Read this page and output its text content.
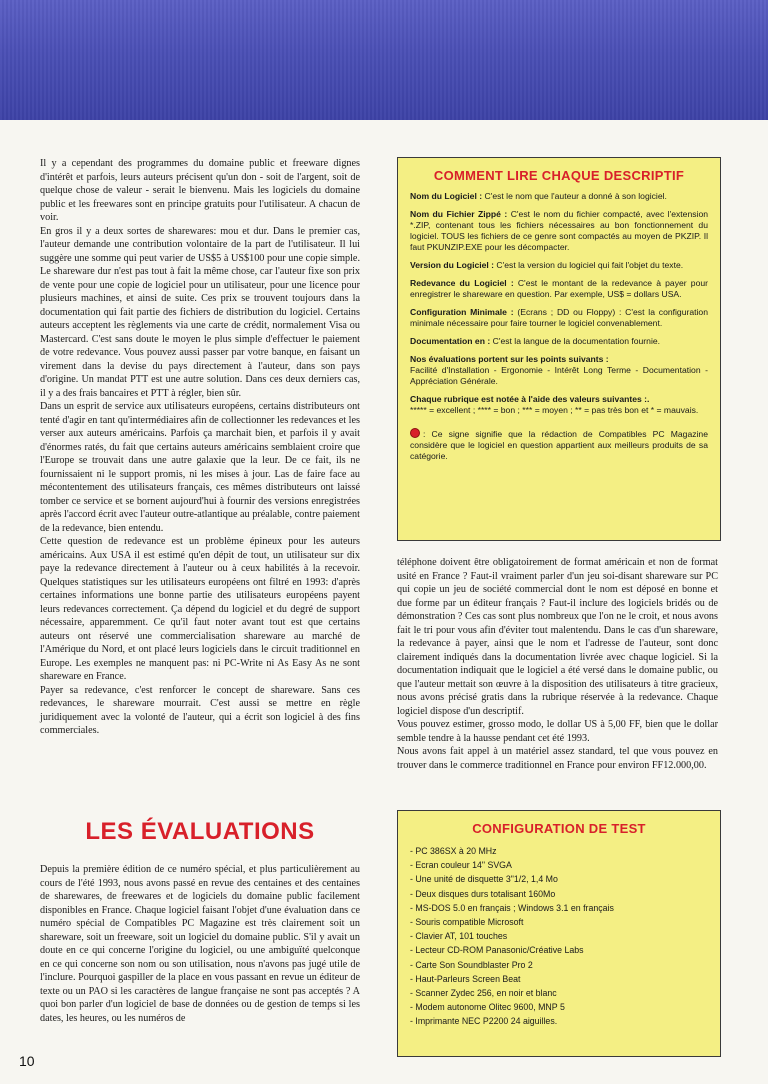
Il y a cependant des programmes du domaine public et freeware dignes d'intérêt et parfois, leurs auteurs précisent qu'un don - soit de l'argent, soit de quelque chose de valeur - serait le bienvenu. Mais les logiciels du domaine public et les freewares sont en principe gratuits pour l'utilisateur. A chacun de voir.

En gros il y a deux sortes de sharewares: mou et dur. Dans le premier cas, l'auteur demande une contribution volontaire de la part de l'utilisateur. Il lui suggère une somme qui peut varier de US$5 à US$100 pour une copie simple. Le shareware dur n'est pas tout à fait la même chose, car l'auteur fixe son prix de vente pour une copie de logiciel pour un utilisateur, pour une licence pour plusieurs machines, et ainsi de suite. Ces prix se trouvent toujours dans la documentation qui fait partie des fichiers de distribution du logiciel. Certains auteurs acceptent les règlements via une carte de crédit, normalement Visa ou Mastercard. C'est sans doute le moyen le plus simple d'effectuer le paiement de votre redevance. Vous pouvez aussi passer par votre banque, en faisant un virement dans la devise du pays directement à l'auteur, dans son pays d'origine. Un mandat PTT est une autre solution. Dans ces deux derniers cas, il y a des frais bancaires et PTT à régler, bien sûr.

Dans un esprit de service aux utilisateurs européens, certains distributeurs ont tenté d'agir en tant qu'intermédiaires afin de collectionner les redevances et les verser aux auteurs américains. Parfois ça marchait bien, et parfois il y avait d'énormes ratés, du fait que certains auteurs américains semblaient croire que l'Europe se trouvait dans une autre galaxie que la leur. De ce fait, ils ne fournissaient ni le support promis, ni les mises à jour. Las de faire face au mécontentement des utilisateurs français, ces mêmes distributeurs ont laissé tomber ce service et se bornent aujourd'hui à fournir des versions enregistrées après l'accord écrit avec l'auteur outre-atlantique au préalable, contre paiement de la redevance, bien entendu.

Cette question de redevance est un problème épineux pour les auteurs américains. Aux USA il est estimé qu'en dépit de tout, un utilisateur sur dix paye la redevance directement à l'auteur ou à ceux habilités à la recevoir. Quelques statistiques sur les utilisateurs européens ont filtré en 1993: d'après certaines informations une bonne partie des utilisateurs européens payent leurs redevances correctement. Ça dépend du logiciel et du degré de support nécessaire, apparemment. Ce qu'il faut noter avant tout est que certains auteurs ont réservé une commercialisation shareware au marché de l'Amérique du Nord, et ont placé leurs logiciels dans le circuit traditionnel en Europe. Les exemples ne manquent pas: ni PC-Write ni As Easy As ne sont shareware en France.

Payer sa redevance, c'est renforcer le concept de shareware. Sans ces redevances, le shareware mourrait. C'est aussi se mettre en règle juridiquement avec la volonté de l'auteur, qui a écrit son logiciel à des fins commerciales.

LES ÉVALUATIONS

Depuis la première édition de ce numéro spécial, et plus particulièrement au cours de l'été 1993, nous avons passé en revue des centaines et des centaines de sharewares, de freewares et de logiciels du domaine public facilement disponibles en France. Chaque logiciel faisant l'objet d'une évaluation dans ce numéro spécial de Compatibles PC Magazine est très clairement soit un shareware, soit un freeware, soit un logiciel du domaine public. S'il y avait un doute en ce qui concerne l'origine du logiciel, ou une ambiguïté quelconque en ce qui concerne son nom ou son utilisation, nous n'avons pas jugé utile de l'inclure. Pourquoi gaspiller de la place en vous passant en revue un éditeur de texte ou un PAO si les caractères de langue française ne sont pas acceptés ? A quoi bon parler d'un logiciel de base de données ou de gestion de temps si les dates, les heures, ou les numéros de

COMMENT LIRE CHAQUE DESCRIPTIF
Nom du Logiciel : C'est le nom que l'auteur a donné à son logiciel.
Nom du Fichier Zippé : C'est le nom du fichier compacté, avec l'extension *.ZIP, contenant tous les fichiers nécessaires au bon fonctionnement du logiciel. TOUS les fichiers de ce genre sont compactés au moyen de PKZIP. Il faut PKUNZIP.EXE pour les décompacter.
Version du Logiciel : C'est la version du logiciel qui fait l'objet du texte.
Redevance du Logiciel : C'est le montant de la redevance à payer pour enregistrer le shareware en question. Par exemple, US$ = dollars USA.
Configuration Minimale : (Ecrans ; DD ou Floppy) : C'est la configuration minimale nécessaire pour faire tourner le logiciel convenablement.
Documentation en : C'est la langue de la documentation fournie.
Nos évaluations portent sur les points suivants :
Facilité d'Installation - Ergonomie - Intérêt Long Terme - Documentation - Appréciation Générale.
Chaque rubrique est notée à l'aide des valeurs suivantes :.
***** = excellent ; **** = bon ; *** = moyen ; ** = pas très bon et * = mauvais.
: Ce signe signifie que la rédaction de Compatibles PC Magazine considère que le logiciel en question appartient aux meilleurs produits de sa catégorie.

téléphone doivent être obligatoirement de format américain et non de format usité en France ? Faut-il vraiment parler d'un jeu soi-disant shareware sur PC qui copie un jeu de société commercial dont le nom est déposé en bonne et due forme par un éditeur français ? Faut-il inclure des logiciels bridés ou de démonstration ? Ces cas sont plus nombreux que l'on ne le croit, et nous avons fait le tri pour vous afin d'éviter tout malentendu. Dans le cas d'un shareware, la redevance à payer, ainsi que le nom et l'adresse de l'auteur, sont donc clairement indiqués dans la documentation livrée avec chaque logiciel. Si la documentation indiquait que le logiciel a été versé dans le domaine public, ou que l'auteur mettait son œuvre à la disposition des utilisateurs à titre gracieux, nous avons précisé gratis dans la rubrique réservée à la redevance. Chaque logiciel dispose d'un descriptif.

Vous pouvez estimer, grosso modo, le dollar US à 5,00 FF, bien que le dollar semble tendre à la hausse pendant cet été 1993.

Nous avons fait appel à un matériel assez standard, tel que vous pouvez en trouver dans le commerce traditionnel en France pour environ FF12.000,00.

CONFIGURATION DE TEST
- PC 386SX à 20 MHz
- Ecran couleur 14" SVGA
- Une unité de disquette 3"1/2, 1,4 Mo
- Deux disques durs totalisant 160Mo
- MS-DOS 5.0 en français ; Windows 3.1 en français
- Souris compatible Microsoft
- Clavier AT, 101 touches
- Lecteur CD-ROM Panasonic/Créative Labs
- Carte Son Soundblaster Pro 2
- Haut-Parleurs Screen Beat
- Scanner Zydec 256, en noir et blanc
- Modem autonome Olitec 9600, MNP 5
- Imprimante NEC P2200 24 aiguilles.
10
